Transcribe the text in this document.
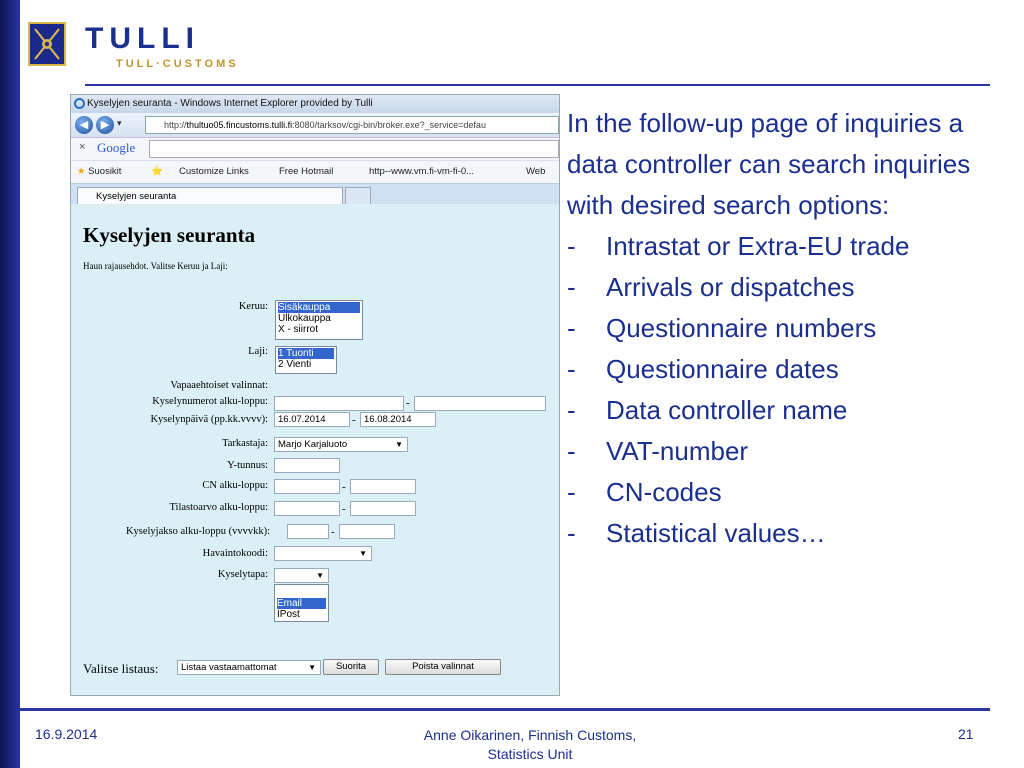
TULLI
TULL·CUSTOMS
Kyselyjen seuranta - Windows Internet Explorer provided by Tulli
◀	▶ ▾	http://thultuo05.fincustoms.tulli.fi:8080/tarksov/cgi-bin/broker.exe?_service=defau
× Google
★ Suosikit	⭐ Customize Links	Free Hotmail	http--www.vm.fi-vm-fi-0...	Web
Kyselyjen seuranta
Kyselyjen seuranta
Haun rajausehdot. Valitse Keruu ja Laji:
Keruu: Sisäkauppa
Ulkokauppa
X - siirrot
Laji: 1 Tuonti
2 Vienti
Vapaaehtoiset valinnat:
Kyselynumerot alku-loppu:	-
Kyselynpäivä (pp.kk.vvvv):	16.07.2014	- 16.08.2014
Tarkastaja:	Marjo Karjaluoto	▼
Y-tunnus:
CN alku-loppu:	-
Tilastoarvo alku-loppu:	-
Kyselyjakso alku-loppu (vvvvkk):	-
Havaintokoodi:	▼
Kyselytapa:	▼
Email
IPost
Valitse listaus:	Listaa vastaamattomat	▼	Suorita	Poista valinnat

In the follow-up page of inquiries a data controller can search inquiries with desired search options:

- Intrastat or Extra-EU trade
- Arrivals or dispatches
- Questionnaire numbers
- Questionnaire dates
- Data controller name
- VAT-number
- CN-codes
- Statistical values…
16.9.2014	Anne Oikarinen, Finnish Customs,
Statistics Unit
21
